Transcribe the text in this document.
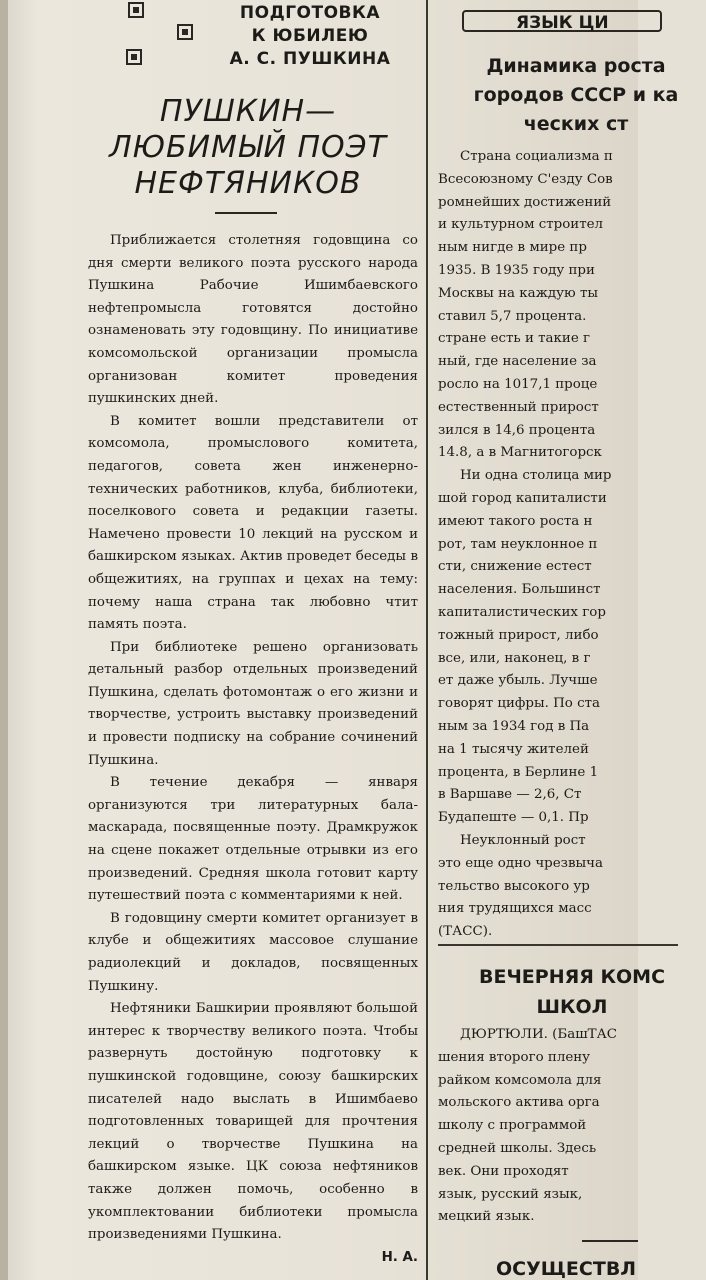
ПОДГОТОВКА
К ЮБИЛЕЮ
А. С. ПУШКИНА
ПУШКИН—
ЛЮБИМЫЙ ПОЭТ
НЕФТЯНИКОВ

Приближается столетняя годовщина со дня смерти великого поэта русского народа Пушкина Рабочие Ишимбаевского нефтепромысла готовятся достойно ознаменовать эту годовщину. По инициативе комсомольской организации промысла организован комитет проведения пушкинских дней.

В комитет вошли представители от комсомола, промыслового комитета, педагогов, совета жен инженерно-технических работников, клуба, библиотеки, поселкового совета и редакции газеты. Намечено провести 10 лекций на русском и башкирском языках. Актив проведет беседы в общежитиях, на группах и цехах на тему: почему наша страна так любовно чтит память поэта.

При библиотеке решено организовать детальный разбор отдельных произведений Пушкина, сделать фотомонтаж о его жизни и творчестве, устроить выставку произведений и провести подписку на собрание сочинений Пушкина.

В течение декабря — января организуются три литературных бала-маскарада, посвященные поэту. Драмкружок на сцене покажет отдельные отрывки из его произведений. Средняя школа готовит карту путешествий поэта с комментариями к ней.

В годовщину смерти комитет организует в клубе и общежитиях массовое слушание радиолекций и докладов, посвященных Пушкину.

Нефтяники Башкирии проявляют большой интерес к творчеству великого поэта. Чтобы развернуть достойную подготовку к пушкинской годовщине, союзу башкирских писателей надо выслать в Ишимбаево подготовленных товарищей для прочтения лекций о творчестве Пушкина на башкирском языке. ЦК союза нефтяников также должен помочь, особенно в укомплектовании библиотеки промысла произведениями Пушкина.

Н. А.
ЯЗЫК ЦИ
Динамика роста
городов СССР и ка
ческих ст
Страна социализма п
Всесоюзному С'езду Сов
ромнейших достижений
и культурном строител
ным нигде в мире пр
1935. В 1935 году при
Москвы на каждую ты
ставил 5,7 процента.
стране есть и такие г
ный, где население за
росло на 1017,1 проце
естественный прирост
зился в 14,6 процента
14.8, а в Магнитогорск
Ни одна столица мир
шой город капиталисти
имеют такого роста н
рот, там неуклонное п
сти, снижение естест
населения. Большинст
капиталистических гор
тожный прирост, либо
все, или, наконец, в г
ет даже убыль. Лучше
говорят цифры. По ста
ным за 1934 год в Па
на 1 тысячу жителей
процента, в Берлине 1
в Варшаве — 2,6, Ст
Будапеште — 0,1. Пр
Неуклонный рост
это еще одно чрезвыча
тельство высокого ур
ния трудящихся масс
(ТАСС).
ВЕЧЕРНЯЯ КОМС
ШКОЛ
ДЮРТЮЛИ. (БашТАС
шения второго плену
райком комсомола для
мольского актива орга
школу с программой
средней школы. Здесь
век. Они проходят
язык, русский язык,
мецкий язык.
ОСУЩЕСТВЛ
